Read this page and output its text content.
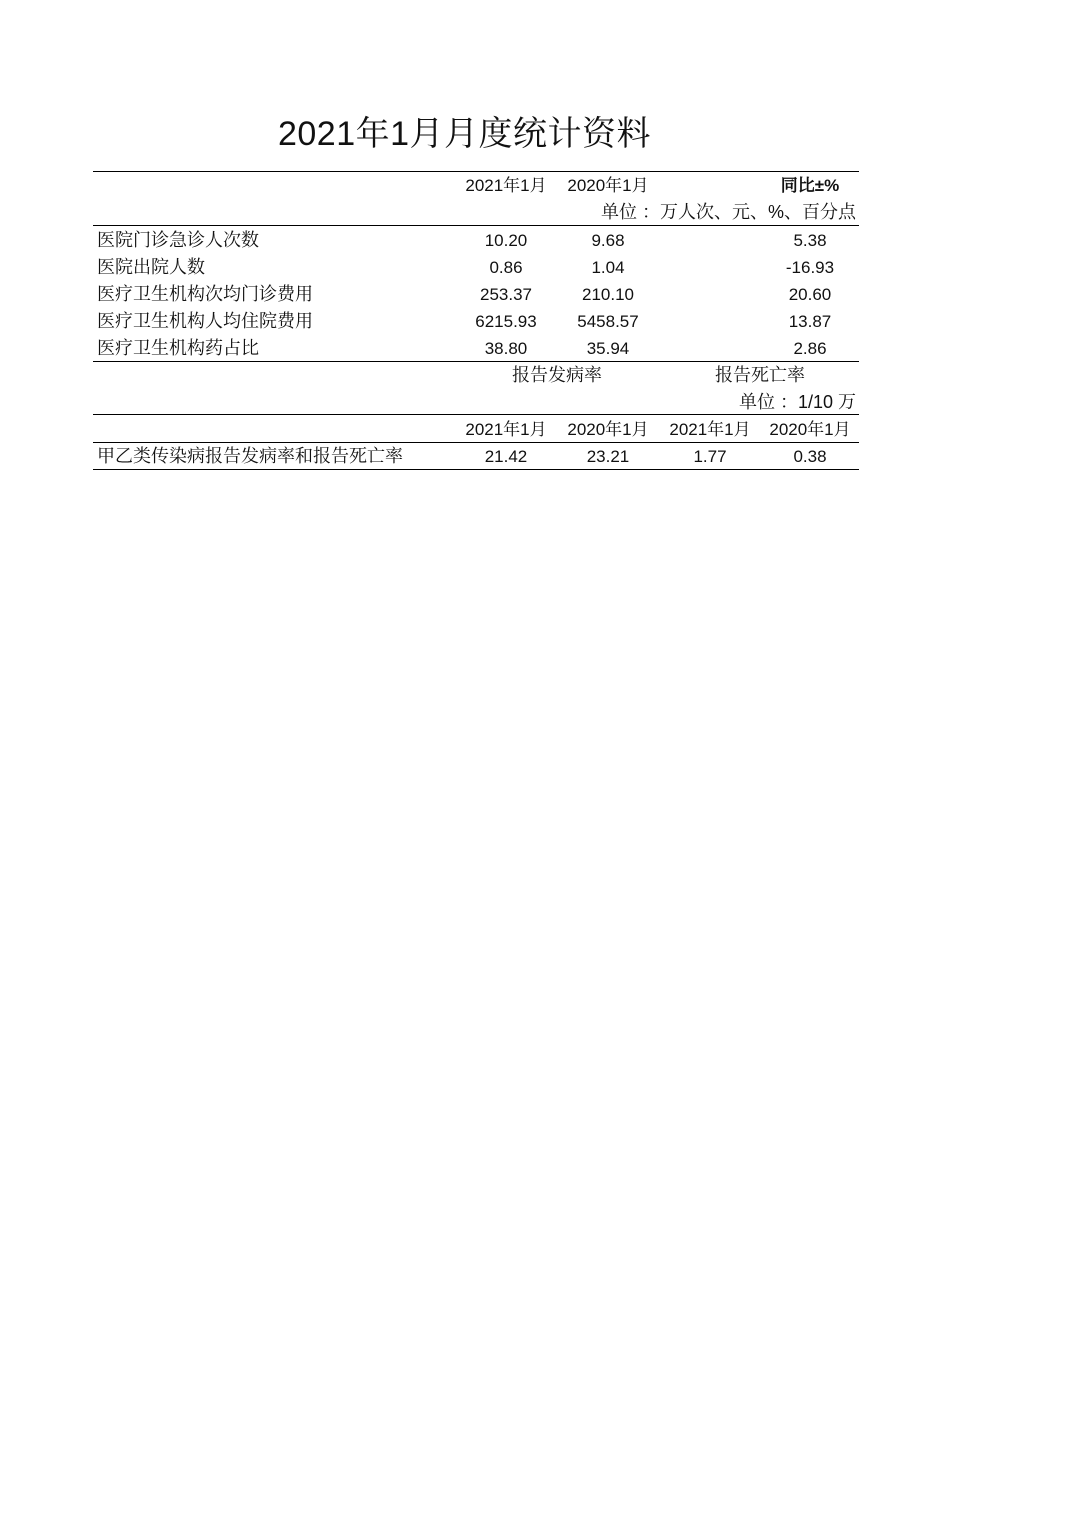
2021年1月月度统计资料
2021年1月	2020年1月	同比±%
单位 ：万人次、元、%、百分点
医院门诊急诊人次数	10.20	9.68	5.38
医院出院人数	0.86	1.04	-16.93
医疗卫生机构次均门诊费用	253.37	210.10	20.60
医疗卫生机构人均住院费用	6215.93	5458.57	13.87
医疗卫生机构药占比	38.80	35.94	2.86
报告发病率	报告死亡率
单位 ：1/10 万
2021年1月	2020年1月	2021年1月	2020年1月
甲乙类传染病报告发病率和报告死亡率	21.42	23.21	1.77	0.38
